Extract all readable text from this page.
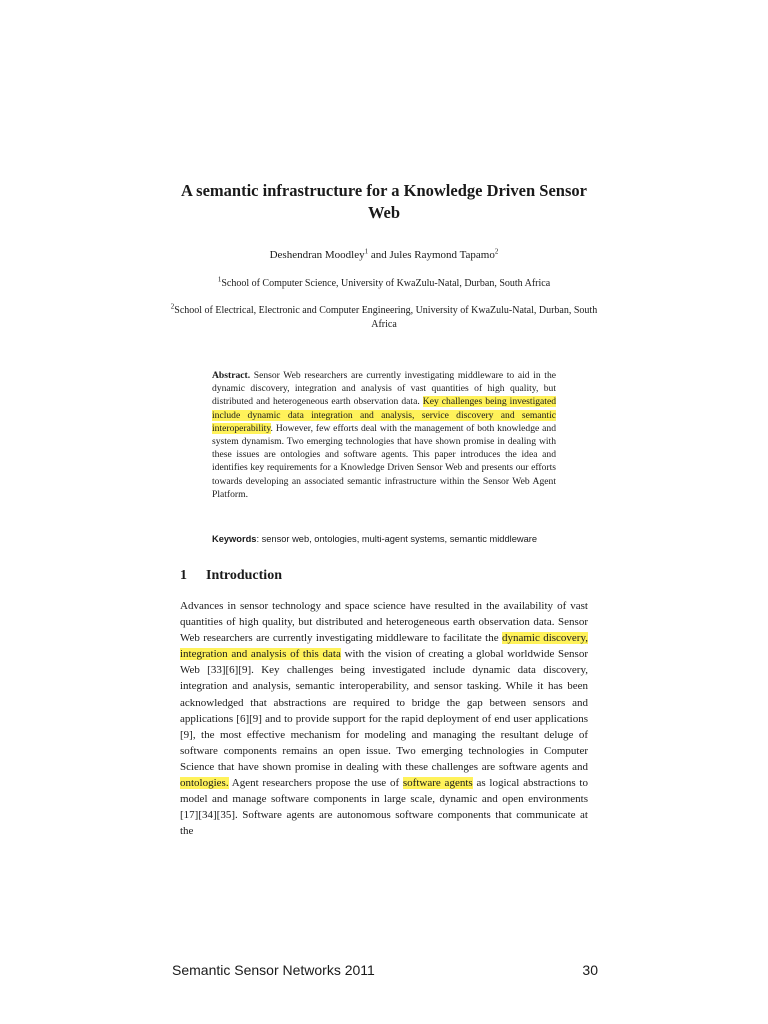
A semantic infrastructure for a Knowledge Driven Sensor Web
Deshendran Moodley$^1$ and Jules Raymond Tapamo$^2$
$^1$School of Computer Science, University of KwaZulu-Natal, Durban, South Africa
$^2$School of Electrical, Electronic and Computer Engineering, University of KwaZulu-Natal, Durban, South Africa
Abstract. Sensor Web researchers are currently investigating middleware to aid in the dynamic discovery, integration and analysis of vast quantities of high quality, but distributed and heterogeneous earth observation data. Key challenges being investigated include dynamic data integration and analysis, service discovery and semantic interoperability. However, few efforts deal with the management of both knowledge and system dynamism. Two emerging technologies that have shown promise in dealing with these issues are ontologies and software agents. This paper introduces the idea and identifies key requirements for a Knowledge Driven Sensor Web and presents our efforts towards developing an associated semantic infrastructure within the Sensor Web Agent Platform.
Keywords: sensor web, ontologies, multi-agent systems, semantic middleware
1 Introduction
Advances in sensor technology and space science have resulted in the availability of vast quantities of high quality, but distributed and heterogeneous earth observation data. Sensor Web researchers are currently investigating middleware to facilitate the dynamic discovery, integration and analysis of this data with the vision of creating a global worldwide Sensor Web [33][6][9]. Key challenges being investigated include dynamic data discovery, integration and analysis, semantic interoperability, and sensor tasking. While it has been acknowledged that abstractions are required to bridge the gap between sensors and applications [6][9] and to provide support for the rapid deployment of end user applications [9], the most effective mechanism for modeling and managing the resultant deluge of software components remains an open issue. Two emerging technologies in Computer Science that have shown promise in dealing with these challenges are software agents and ontologies. Agent researchers propose the use of software agents as logical abstractions to model and manage software components in large scale, dynamic and open environments [17][34][35]. Software agents are autonomous software components that communicate at the
Semantic Sensor Networks 2011	30
